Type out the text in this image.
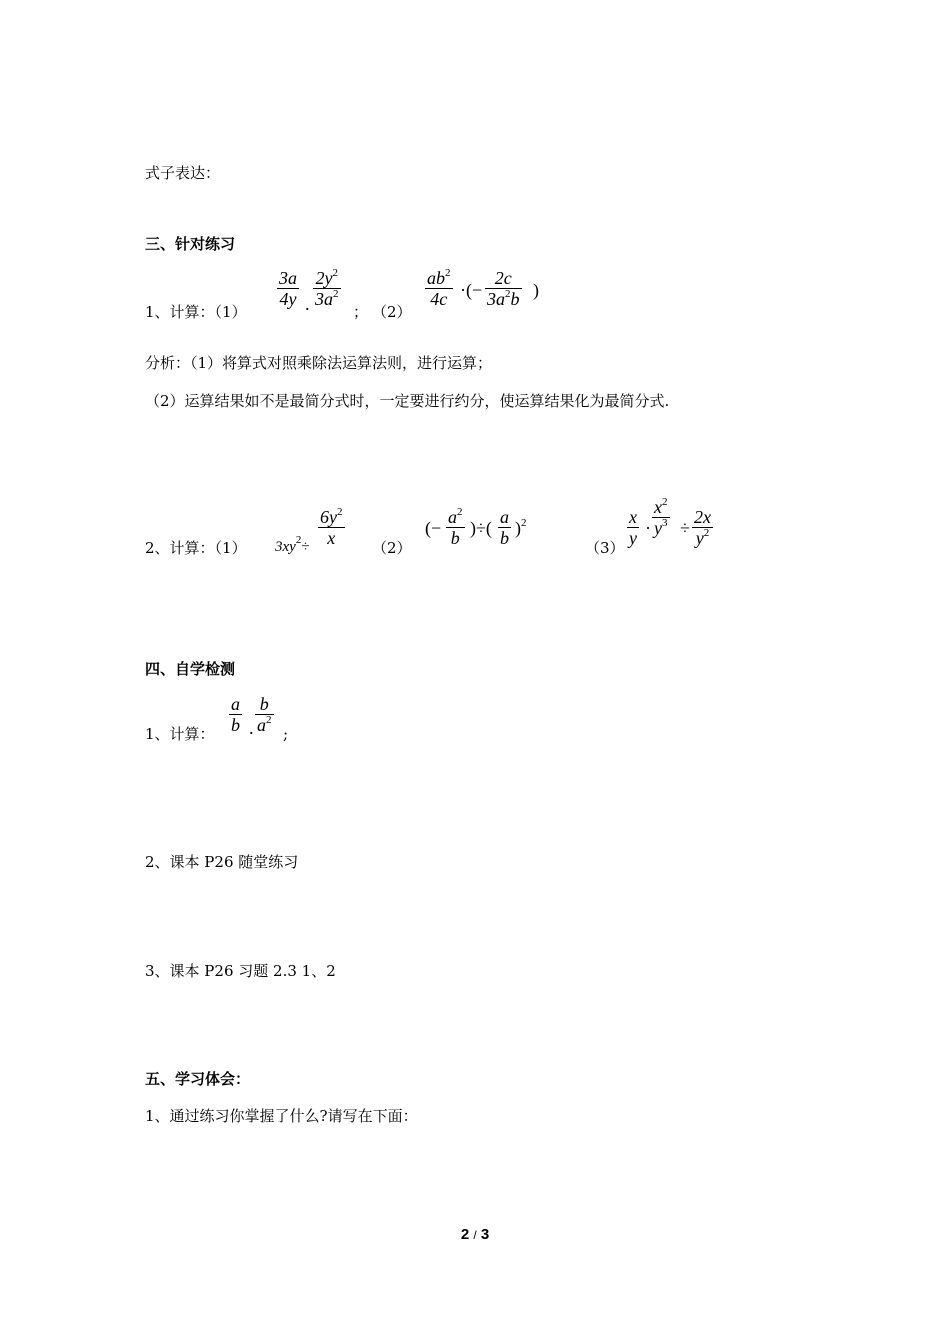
式子表达：
三、针对练习
1、计算：（1）
$\frac{3a}{4y}$ . $\frac{2y^2}{3a^2}$
； （2）
$\frac{ab^2}{4c}$ ·(− $\frac{2c}{3a^2b}$ )
分析：（1）将算式对照乘除法运算法则，进行运算；
（2）运算结果如不是最简分式时，一定要进行约分，使运算结果化为最简分式.
2、计算：（1） $3xy^2\div \frac{6y^2}{x} (2)$
(− $\frac{a^2}{b}$ )÷( $\frac{a}{b} )^2$
$(3) \frac{x}{y} \cdot \frac{x^2}{y^3} \div \frac{2x}{y^2}$
四、自学检测
1、计算： $\frac{a}{b}$ . $\frac{b}{a^2}$ ;
2、课本 P26 随堂练习
3、课本 P26 习题 2.3 1、2
五、学习体会：
1、通过练习你掌握了什么?请写在下面：
2 / 3
